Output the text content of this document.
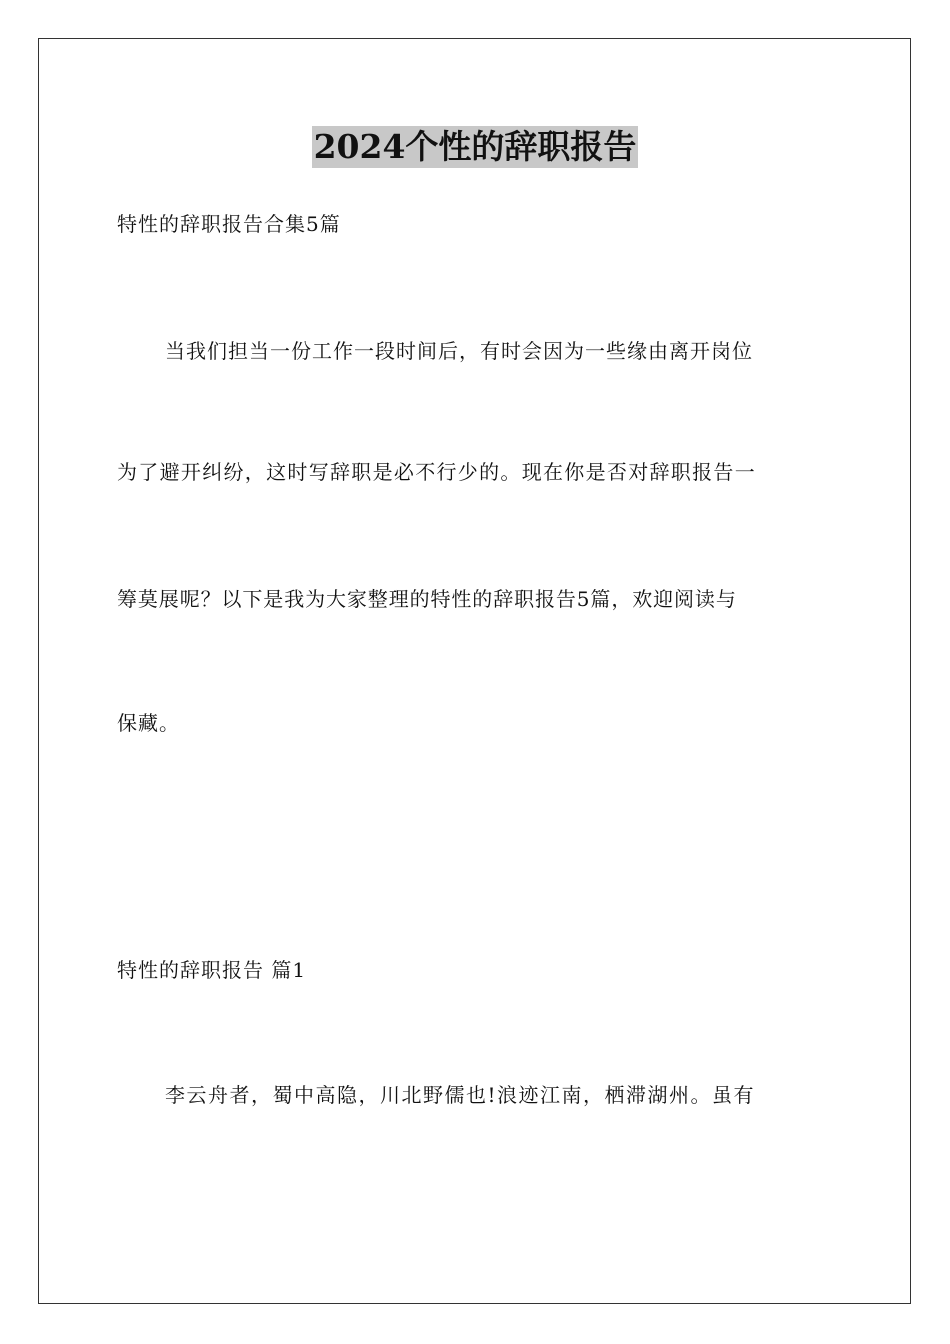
2024个性的辞职报告
特性的辞职报告合集5篇
当我们担当一份工作一段时间后，有时会因为一些缘由离开岗位
为了避开纠纷，这时写辞职是必不行少的。现在你是否对辞职报告一
筹莫展呢？以下是我为大家整理的特性的辞职报告5篇，欢迎阅读与
保藏。
特性的辞职报告 篇1
李云舟者，蜀中高隐，川北野儒也!浪迹江南，栖滞湖州。虽有
